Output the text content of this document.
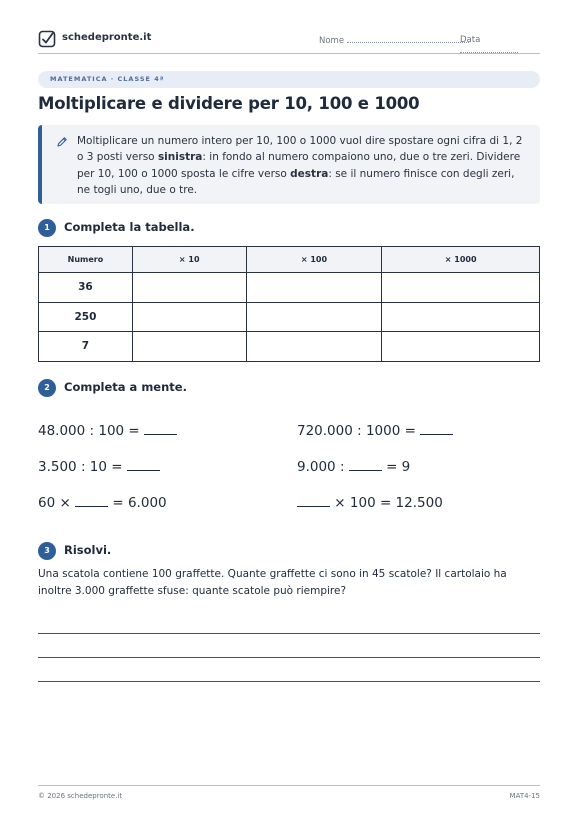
schedepronte.it	Nome	Data
MATEMATICA · CLASSE 4ª
Moltiplicare e dividere per 10, 100 e 1000
Moltiplicare un numero intero per 10, 100 o 1000 vuol dire spostare ogni cifra di 1, 2 o 3 posti verso sinistra: in fondo al numero compaiono uno, due o tre zeri. Dividere per 10, 100 o 1000 sposta le cifre verso destra: se il numero finisce con degli zeri, ne togli uno, due o tre.
1	Completa la tabella.
Numero	× 10	× 100	× 1000
36			
250			
7			
2	Completa a mente.
48.000 : 100 =	720.000 : 1000 =
3.500 : 10 =	9.000 :  = 9
60 ×  = 6.000	× 100 = 12.500
3	Risolvi.
Una scatola contiene 100 graffette. Quante graffette ci sono in 45 scatole? Il cartolaio ha inoltre 3.000 graffette sfuse: quante scatole può riempire?
© 2026 schedepronte.it	MAT4-15
